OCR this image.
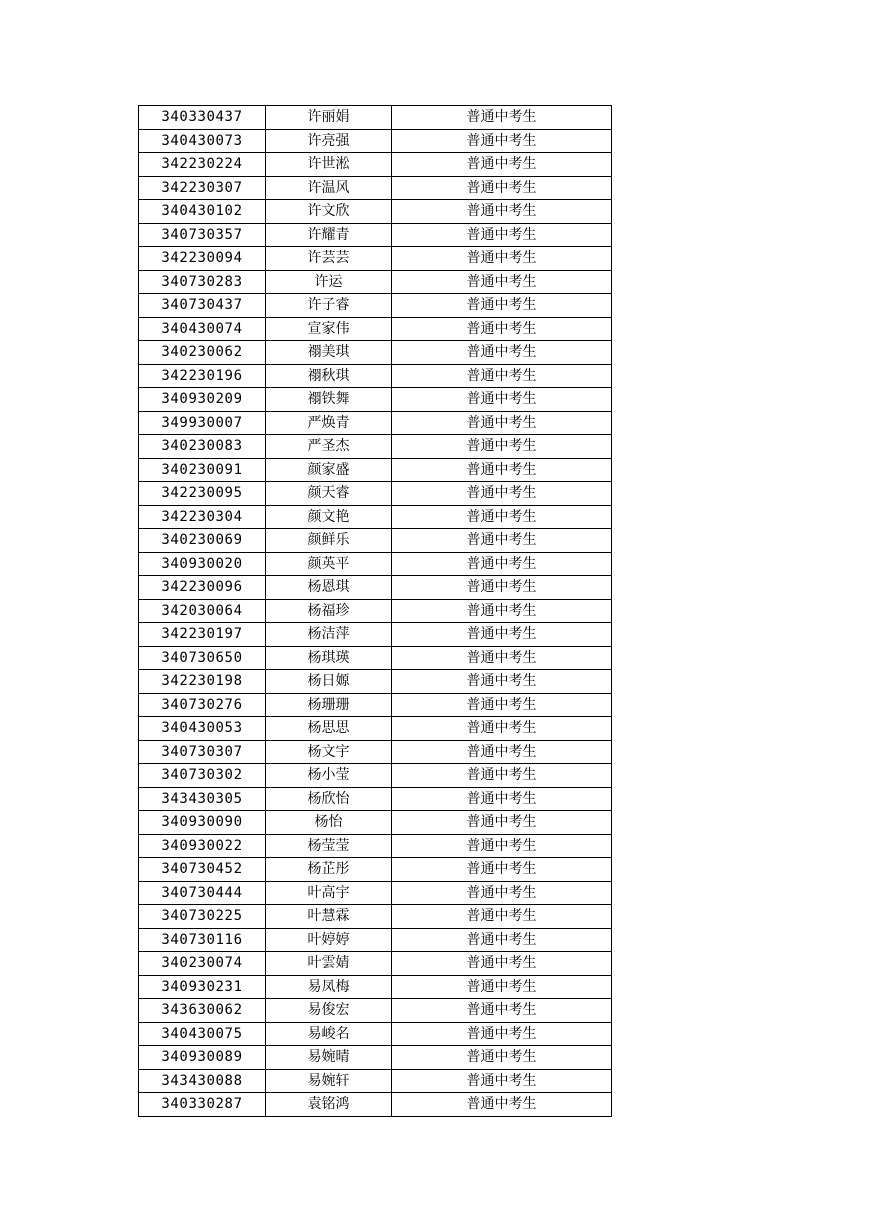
340330437	许丽娟	普通中考生
340430073	许亮强	普通中考生
342230224	许世淞	普通中考生
342230307	许温风	普通中考生
340430102	许文欣	普通中考生
340730357	许耀青	普通中考生
342230094	许芸芸	普通中考生
340730283	许运	普通中考生
340730437	许子睿	普通中考生
340430074	宣家伟	普通中考生
340230062	禤美琪	普通中考生
342230196	禤秋琪	普通中考生
340930209	禤铁舞	普通中考生
349930007	严焕青	普通中考生
340230083	严圣杰	普通中考生
340230091	颜家盛	普通中考生
342230095	颜天睿	普通中考生
342230304	颜文艳	普通中考生
340230069	颜鲜乐	普通中考生
340930020	颜英平	普通中考生
342230096	杨恩琪	普通中考生
342030064	杨福珍	普通中考生
342230197	杨洁萍	普通中考生
340730650	杨琪瑛	普通中考生
342230198	杨日嫄	普通中考生
340730276	杨珊珊	普通中考生
340430053	杨思思	普通中考生
340730307	杨文宇	普通中考生
340730302	杨小莹	普通中考生
343430305	杨欣怡	普通中考生
340930090	杨怡	普通中考生
340930022	杨莹莹	普通中考生
340730452	杨芷彤	普通中考生
340730444	叶高宇	普通中考生
340730225	叶慧霖	普通中考生
340730116	叶婷婷	普通中考生
340230074	叶雲婧	普通中考生
340930231	易凤梅	普通中考生
343630062	易俊宏	普通中考生
340430075	易峻名	普通中考生
340930089	易婉晴	普通中考生
343430088	易婉轩	普通中考生
340330287	袁铭鸿	普通中考生
